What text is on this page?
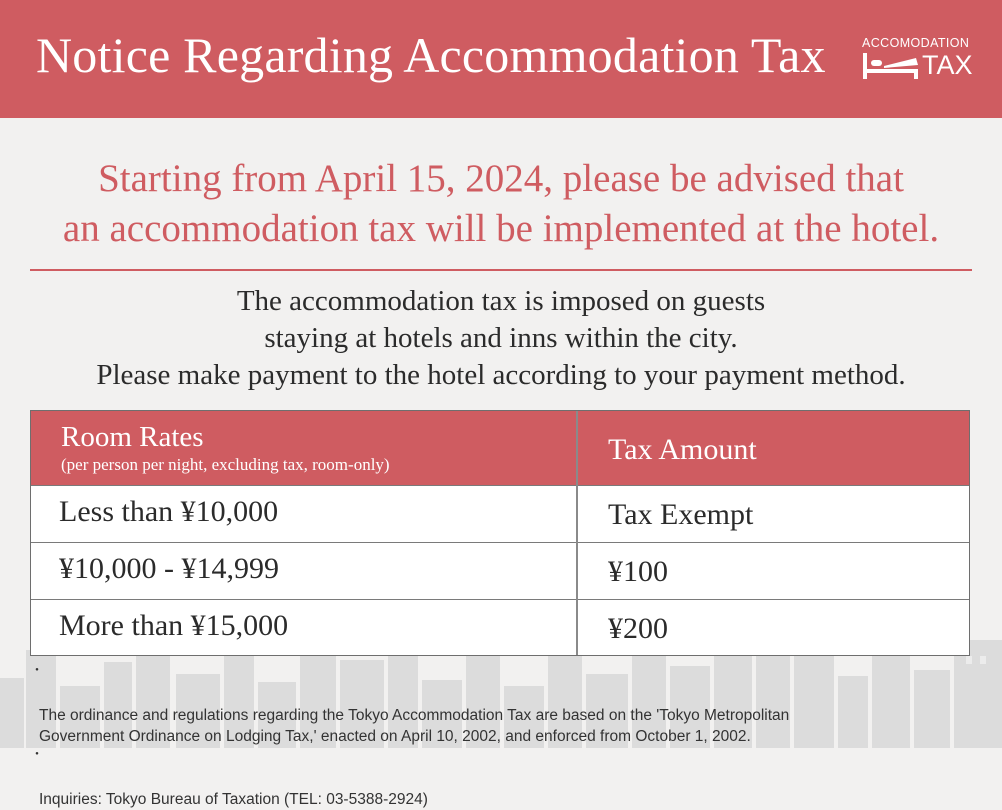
Notice Regarding Accommodation Tax	ACCOMODATION
TAX
Starting from April 15, 2024, please be advised that
an accommodation tax will be implemented at the hotel.
The accommodation tax is imposed on guests
staying at hotels and inns within the city.
Please make payment to the hotel according to your payment method.
Room Rates
(per person per night, excluding tax, room-only)	Tax Amount
Less than ¥10,000	Tax Exempt
¥10,000 - ¥14,999	¥100
More than ¥15,000	¥200

・

The ordinance and regulations regarding the Tokyo Accommodation Tax are based on the 'Tokyo Metropolitan
Government Ordinance on Lodging Tax,' enacted on April 10, 2002, and enforced from October 1, 2002.

・

Inquiries: Tokyo Bureau of Taxation (TEL: 03-5388-2924)
